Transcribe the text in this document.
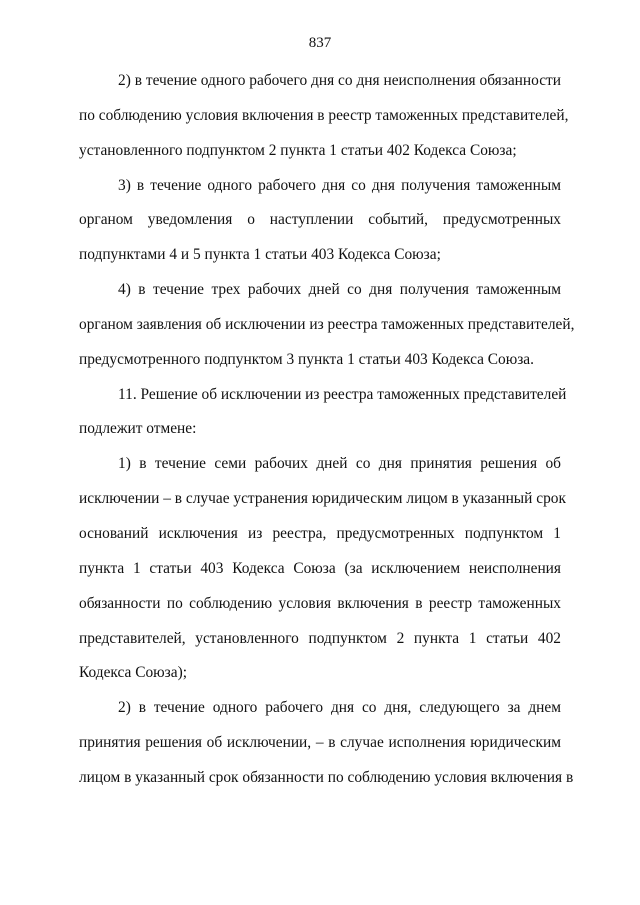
837
2) в течение одного рабочего дня со дня неисполнения обязанности
по соблюдению условия включения в реестр таможенных представителей,
установленного подпунктом 2 пункта 1 статьи 402 Кодекса Союза;
3) в течение одного рабочего дня со дня получения таможенным
органом уведомления о наступлении событий, предусмотренных
подпунктами 4 и 5 пункта 1 статьи 403 Кодекса Союза;
4) в течение трех рабочих дней со дня получения таможенным
органом заявления об исключении из реестра таможенных представителей,
предусмотренного подпунктом 3 пункта 1 статьи 403 Кодекса Союза.
11. Решение об исключении из реестра таможенных представителей
подлежит отмене:
1) в течение семи рабочих дней со дня принятия решения об
исключении – в случае устранения юридическим лицом в указанный срок
оснований исключения из реестра, предусмотренных подпунктом 1
пункта 1 статьи 403 Кодекса Союза (за исключением неисполнения
обязанности по соблюдению условия включения в реестр таможенных
представителей, установленного подпунктом 2 пункта 1 статьи 402
Кодекса Союза);
2) в течение одного рабочего дня со дня, следующего за днем
принятия решения об исключении, – в случае исполнения юридическим
лицом в указанный срок обязанности по соблюдению условия включения в
